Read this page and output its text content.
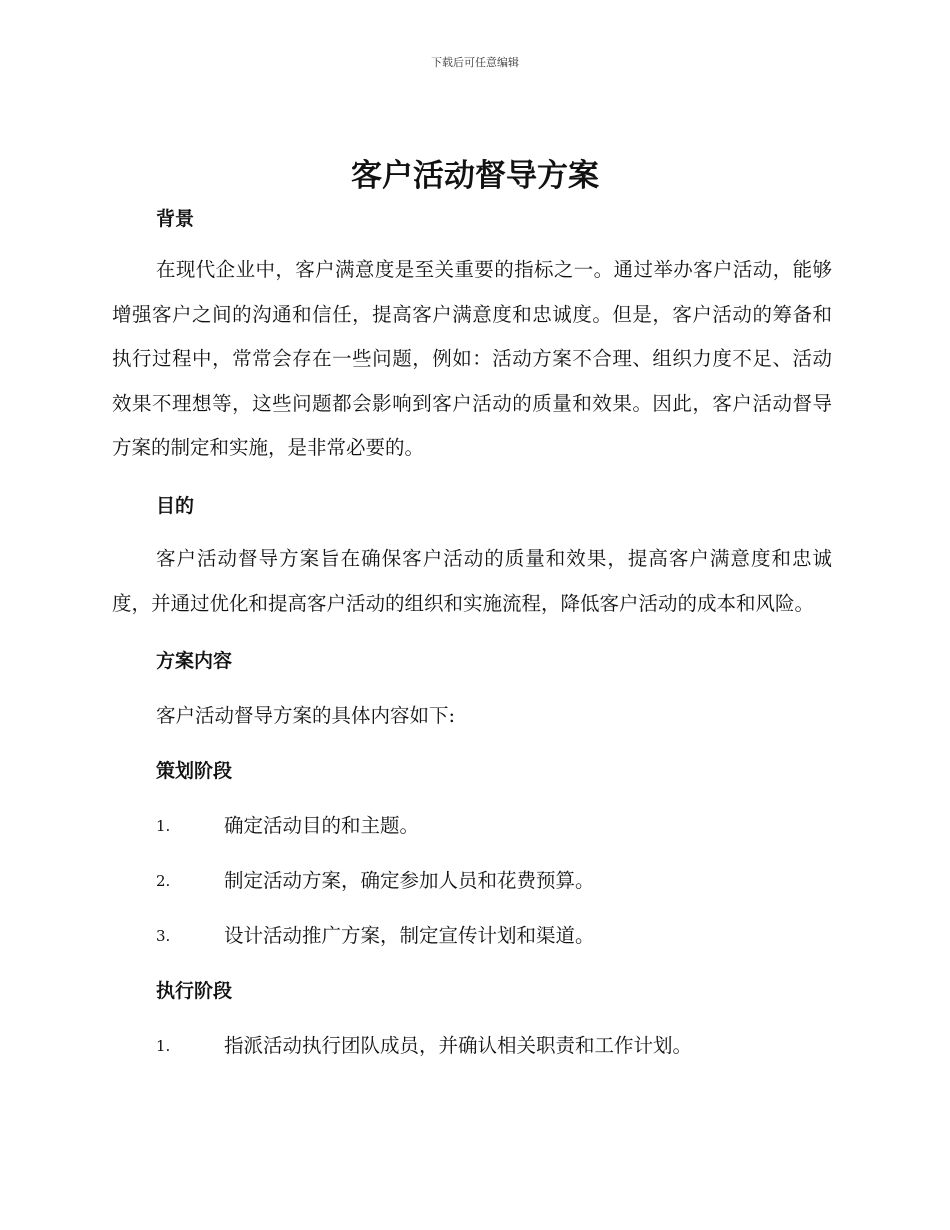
下载后可任意编辑
客户活动督导方案
背景

在现代企业中，客户满意度是至关重要的指标之一。通过举办客户活动，能够增强客户之间的沟通和信任，提高客户满意度和忠诚度。但是，客户活动的筹备和执行过程中，常常会存在一些问题，例如：活动方案不合理、组织力度不足、活动效果不理想等，这些问题都会影响到客户活动的质量和效果。因此，客户活动督导方案的制定和实施，是非常必要的。

目的

客户活动督导方案旨在确保客户活动的质量和效果，提高客户满意度和忠诚度，并通过优化和提高客户活动的组织和实施流程，降低客户活动的成本和风险。

方案内容

客户活动督导方案的具体内容如下:

策划阶段
1.	确定活动目的和主题。
2.	制定活动方案，确定参加人员和花费预算。
3.	设计活动推广方案，制定宣传计划和渠道。
执行阶段
1.	指派活动执行团队成员，并确认相关职责和工作计划。
